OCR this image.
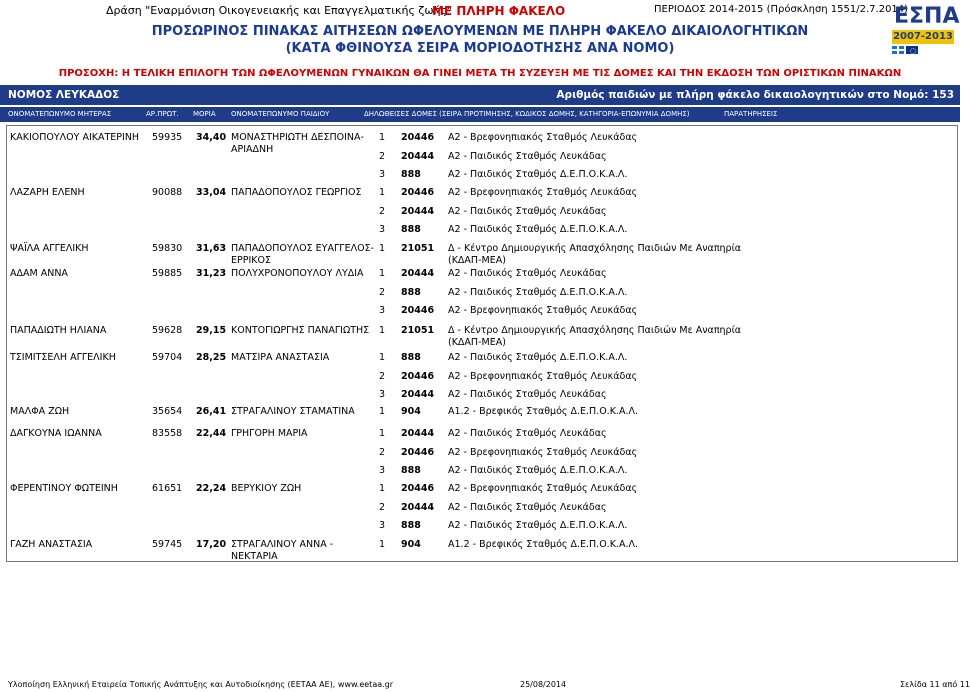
Δράση "Εναρμόνιση Οικογενειακής και Επαγγελματικής ζωής"
ΜΕ ΠΛΗΡΗ ΦΑΚΕΛΟ	ΠΕΡΙΟΔΟΣ 2014-2015 (Πρόσκληση 1551/2.7.2014)
ΠΡΟΣΩΡΙΝΟΣ ΠΙΝΑΚΑΣ ΑΙΤΗΣΕΩΝ ΩΦΕΛΟΥΜΕΝΩΝ ΜΕ ΠΛΗΡΗ ΦΑΚΕΛΟ ΔΙΚΑΙΟΛΟΓΗΤΙΚΩΝ
(ΚΑΤΑ ΦΘΙΝΟΥΣΑ ΣΕΙΡΑ ΜΟΡΙΟΔΟΤΗΣΗΣ ΑΝΑ ΝΟΜΟ)
ΠΡΟΣΟΧΗ: Η ΤΕΛΙΚΗ ΕΠΙΛΟΓΗ ΤΩΝ ΩΦΕΛΟΥΜΕΝΩΝ ΓΥΝΑΙΚΩΝ ΘΑ ΓΙΝΕΙ ΜΕΤΑ ΤΗ ΣΥΖΕΥΞΗ ΜΕ ΤΙΣ ΔΟΜΕΣ ΚΑΙ ΤΗΝ ΕΚΔΟΣΗ ΤΩΝ ΟΡΙΣΤΙΚΩΝ ΠΙΝΑΚΩΝ
ΕΣΠΑ
2007-2013
ΝΟΜΟΣ ΛΕΥΚΑΔΟΣ	Αριθμός παιδιών με πλήρη φάκελο δικαιολογητικών στο Νομό: 153
ΟΝΟΜΑΤΕΠΩΝΥΜΟ ΜΗΤΕΡΑΣ	ΑΡ.ΠΡΩΤ. ΜΟΡΙΑ ΟΝΟΜΑΤΕΠΩΝΥΜΟ ΠΑΙΔΙΟΥ	ΔΗΛΩΘΕΙΣΕΣ ΔΟΜΕΣ (ΣΕΙΡΑ ΠΡΟΤΙΜΗΣΗΣ, ΚΩΔΙΚΟΣ ΔΟΜΗΣ, ΚΑΤΗΓΟΡΙΑ-ΕΠΩΝΥΜΙΑ ΔΟΜΗΣ)	ΠΑΡΑΤΗΡΗΣΕΙΣ
ΚΑΚΙΟΠΟΥΛΟΥ ΑΙΚΑΤΕΡΙΝΗ 59935 34,40 ΜΟΝΑΣΤΗΡΙΩΤΗ ΔΕΣΠΟΙΝΑ-
ΑΡΙΑΔΝΗ
1 20446 Α2 - Βρεφονηπιακός Σταθμός Λευκάδας
2 20444 Α2 - Παιδικός Σταθμός Λευκάδας
3 888	Α2 - Παιδικός Σταθμός Δ.Ε.Π.Ο.Κ.Α.Λ.
ΛΑΖΑΡΗ ΕΛΕΝΗ	90088 33,04 ΠΑΠΑΔΟΠΟΥΛΟΣ ΓΕΩΡΓΙΟΣ 1 20446 Α2 - Βρεφονηπιακός Σταθμός Λευκάδας
2 20444 Α2 - Παιδικός Σταθμός Λευκάδας
3 888	Α2 - Παιδικός Σταθμός Δ.Ε.Π.Ο.Κ.Α.Λ.
ΨΑΪΛΑ ΑΓΓΕΛΙΚΗ	59830 31,63 ΠΑΠΑΔΟΠΟΥΛΟΣ ΕΥΑΓΓΕΛΟΣ-
ΕΡΡΙΚΟΣ
1 21051 Δ - Κέντρο Δημιουργικής Απασχόλησης Παιδιών Με Αναπηρία
(ΚΔΑΠ-ΜΕΑ)
ΑΔΑΜ ΑΝΝΑ	59885 31,23 ΠΟΛΥΧΡΟΝΟΠΟΥΛΟΥ ΛΥΔΙΑ 1 20444 Α2 - Παιδικός Σταθμός Λευκάδας
2 888	Α2 - Παιδικός Σταθμός Δ.Ε.Π.Ο.Κ.Α.Λ.
3 20446 Α2 - Βρεφονηπιακός Σταθμός Λευκάδας
ΠΑΠΑΔΙΩΤΗ ΗΛΙΑΝΑ	59628 29,15 ΚΟΝΤΟΓΙΩΡΓΗΣ ΠΑΝΑΓΙΩΤΗΣ 1 21051 Δ - Κέντρο Δημιουργικής Απασχόλησης Παιδιών Με Αναπηρία
(ΚΔΑΠ-ΜΕΑ)
ΤΣΙΜΙΤΣΕΛΗ ΑΓΓΕΛΙΚΗ	59704 28,25 ΜΑΤΣΙΡΑ ΑΝΑΣΤΑΣΙΑ	1 888	Α2 - Παιδικός Σταθμός Δ.Ε.Π.Ο.Κ.Α.Λ.
2 20446 Α2 - Βρεφονηπιακός Σταθμός Λευκάδας
3 20444 Α2 - Παιδικός Σταθμός Λευκάδας
ΜΑΛΦΑ ΖΩΗ	35654 26,41 ΣΤΡΑΓΑΛΙΝΟΥ ΣΤΑΜΑΤΙΝΑ	1 904	Α1.2 - Βρεφικός Σταθμός Δ.Ε.Π.Ο.Κ.Α.Λ.
ΔΑΓΚΟΥΝΑ ΙΩΑΝΝΑ	83558 22,44 ΓΡΗΓΟΡΗ ΜΑΡΙΑ	1 20444 Α2 - Παιδικός Σταθμός Λευκάδας
2 20446 Α2 - Βρεφονηπιακός Σταθμός Λευκάδας
3 888	Α2 - Παιδικός Σταθμός Δ.Ε.Π.Ο.Κ.Α.Λ.
ΦΕΡΕΝΤΙΝΟΥ ΦΩΤΕΙΝΗ	61651 22,24 ΒΕΡΥΚΙΟΥ ΖΩΗ	1 20446 Α2 - Βρεφονηπιακός Σταθμός Λευκάδας
2 20444 Α2 - Παιδικός Σταθμός Λευκάδας
3 888	Α2 - Παιδικός Σταθμός Δ.Ε.Π.Ο.Κ.Α.Λ.
ΓΑΖΗ ΑΝΑΣΤΑΣΙΑ	59745 17,20 ΣΤΡΑΓΑΛΙΝΟΥ ΑΝΝΑ -
ΝΕΚΤΑΡΙΑ
1 904	Α1.2 - Βρεφικός Σταθμός Δ.Ε.Π.Ο.Κ.Α.Λ.
Υλοποίηση Ελληνική Εταιρεία Τοπικής Ανάπτυξης και Αυτοδιοίκησης (ΕΕΤΑΑ ΑΕ), www.eetaa.gr	25/08/2014	Σελίδα 11 από 11
